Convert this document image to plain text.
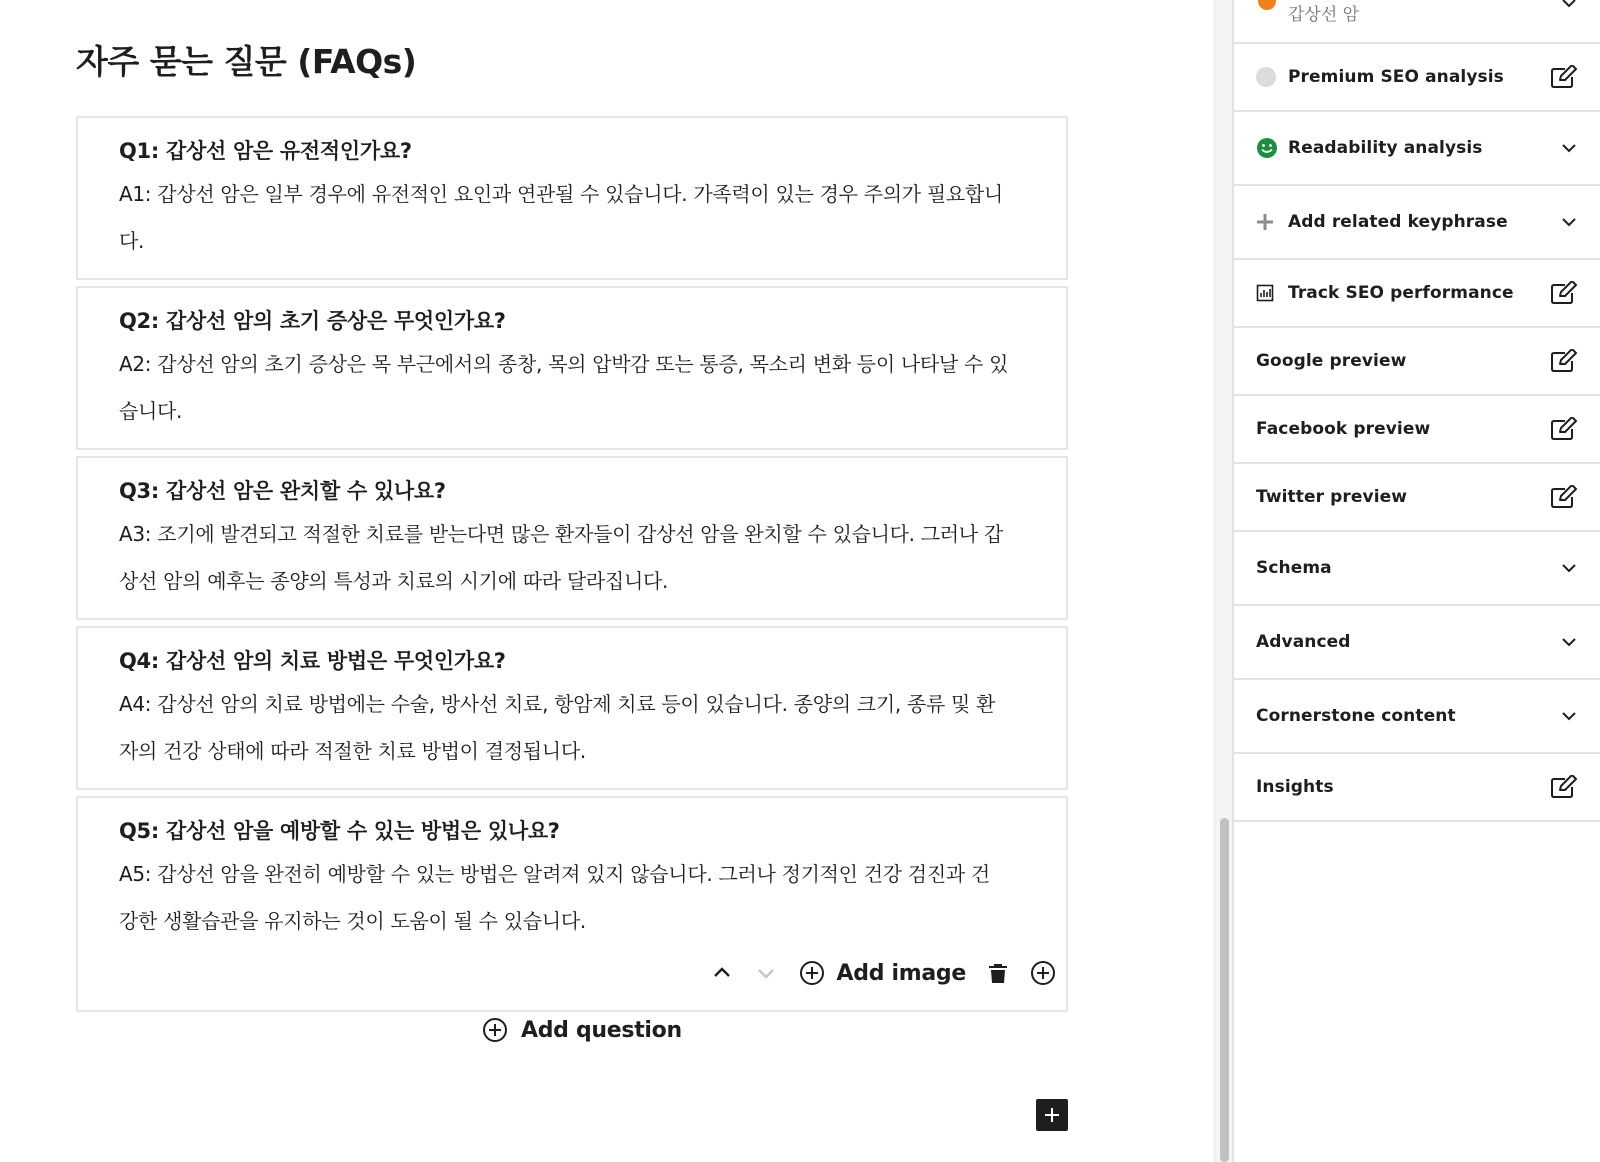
자주 묻는 질문 (FAQs)
Q1: 갑상선 암은 유전적인가요?
A1: 갑상선 암은 일부 경우에 유전적인 요인과 연관될 수 있습니다. 가족력이 있는 경우 주의가 필요합니
다.
Q2: 갑상선 암의 초기 증상은 무엇인가요?
A2: 갑상선 암의 초기 증상은 목 부근에서의 종창, 목의 압박감 또는 통증, 목소리 변화 등이 나타날 수 있
습니다.
Q3: 갑상선 암은 완치할 수 있나요?
A3: 조기에 발견되고 적절한 치료를 받는다면 많은 환자들이 갑상선 암을 완치할 수 있습니다. 그러나 갑
상선 암의 예후는 종양의 특성과 치료의 시기에 따라 달라집니다.
Q4: 갑상선 암의 치료 방법은 무엇인가요?
A4: 갑상선 암의 치료 방법에는 수술, 방사선 치료, 항암제 치료 등이 있습니다. 종양의 크기, 종류 및 환
자의 건강 상태에 따라 적절한 치료 방법이 결정됩니다.
Q5: 갑상선 암을 예방할 수 있는 방법은 있나요?
A5: 갑상선 암을 완전히 예방할 수 있는 방법은 알려져 있지 않습니다. 그러나 정기적인 건강 검진과 건
강한 생활습관을 유지하는 것이 도움이 될 수 있습니다.
Add image
Add question
갑상선 암
Premium SEO analysis
Readability analysis
Add related keyphrase
Track SEO performance
Google preview
Facebook preview
Twitter preview
Schema
Advanced
Cornerstone content
Insights
